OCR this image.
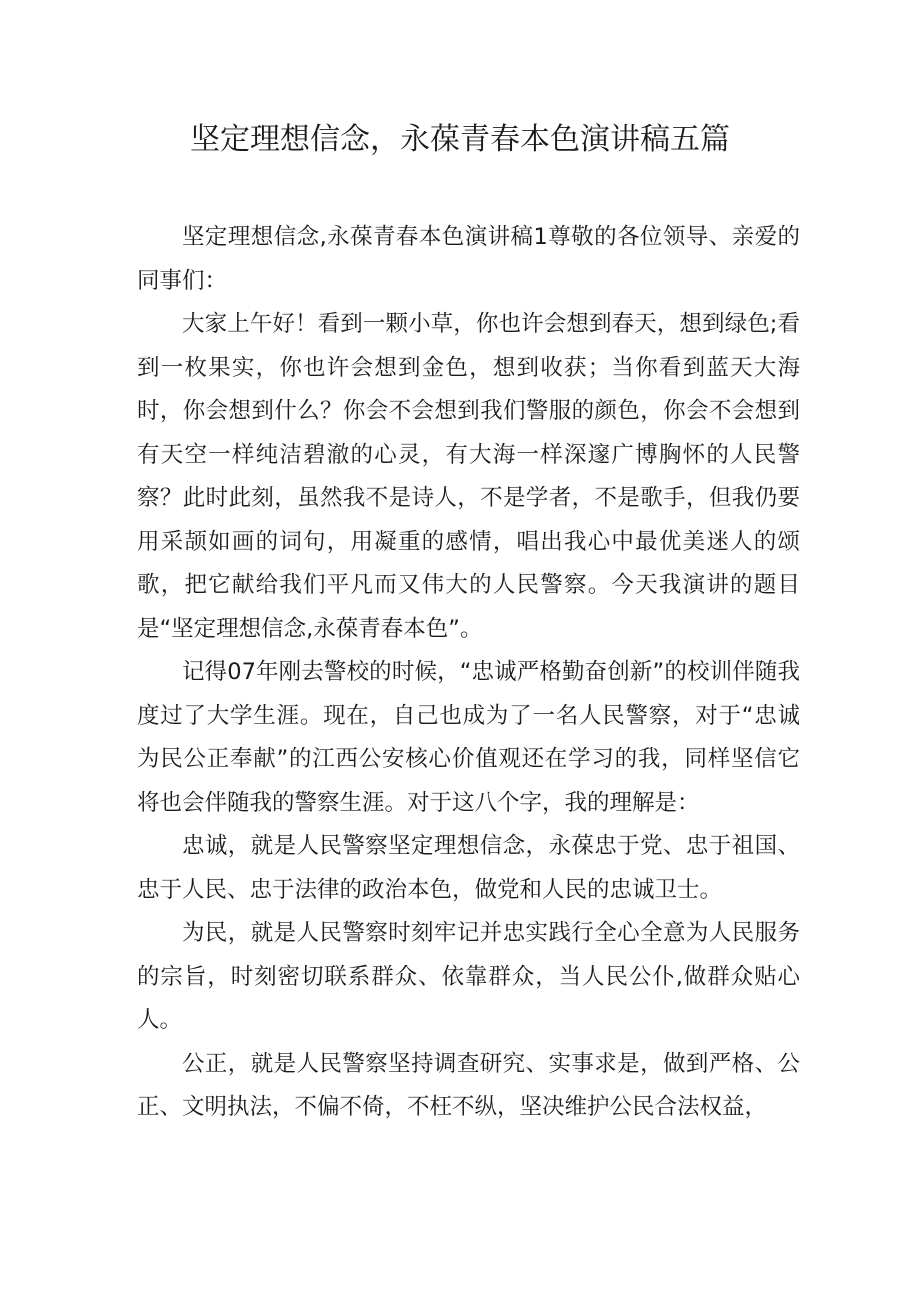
坚定理想信念，永葆青春本色演讲稿五篇

坚定理想信念,永葆青春本色演讲稿1尊敬的各位领导、亲爱的同事们：

大家上午好！看到一颗小草，你也许会想到春天，想到绿色;看到一枚果实，你也许会想到金色，想到收获；当你看到蓝天大海时，你会想到什么？你会不会想到我们警服的颜色，你会不会想到有天空一样纯洁碧澈的心灵，有大海一样深邃广博胸怀的人民警察？此时此刻，虽然我不是诗人，不是学者，不是歌手，但我仍要用采颉如画的词句，用凝重的感情，唱出我心中最优美迷人的颂歌，把它献给我们平凡而又伟大的人民警察。今天我演讲的题目是“坚定理想信念,永葆青春本色”。

记得07年刚去警校的时候，“忠诚严格勤奋创新”的校训伴随我度过了大学生涯。现在，自己也成为了一名人民警察，对于“忠诚为民公正奉献”的江西公安核心价值观还在学习的我，同样坚信它将也会伴随我的警察生涯。对于这八个字，我的理解是：

忠诚，就是人民警察坚定理想信念，永葆忠于党、忠于祖国、忠于人民、忠于法律的政治本色，做党和人民的忠诚卫士。

为民，就是人民警察时刻牢记并忠实践行全心全意为人民服务的宗旨，时刻密切联系群众、依靠群众，当人民公仆,做群众贴心人。

公正，就是人民警察坚持调查研究、实事求是，做到严格、公正、文明执法，不偏不倚，不枉不纵，坚决维护公民合法权益，
